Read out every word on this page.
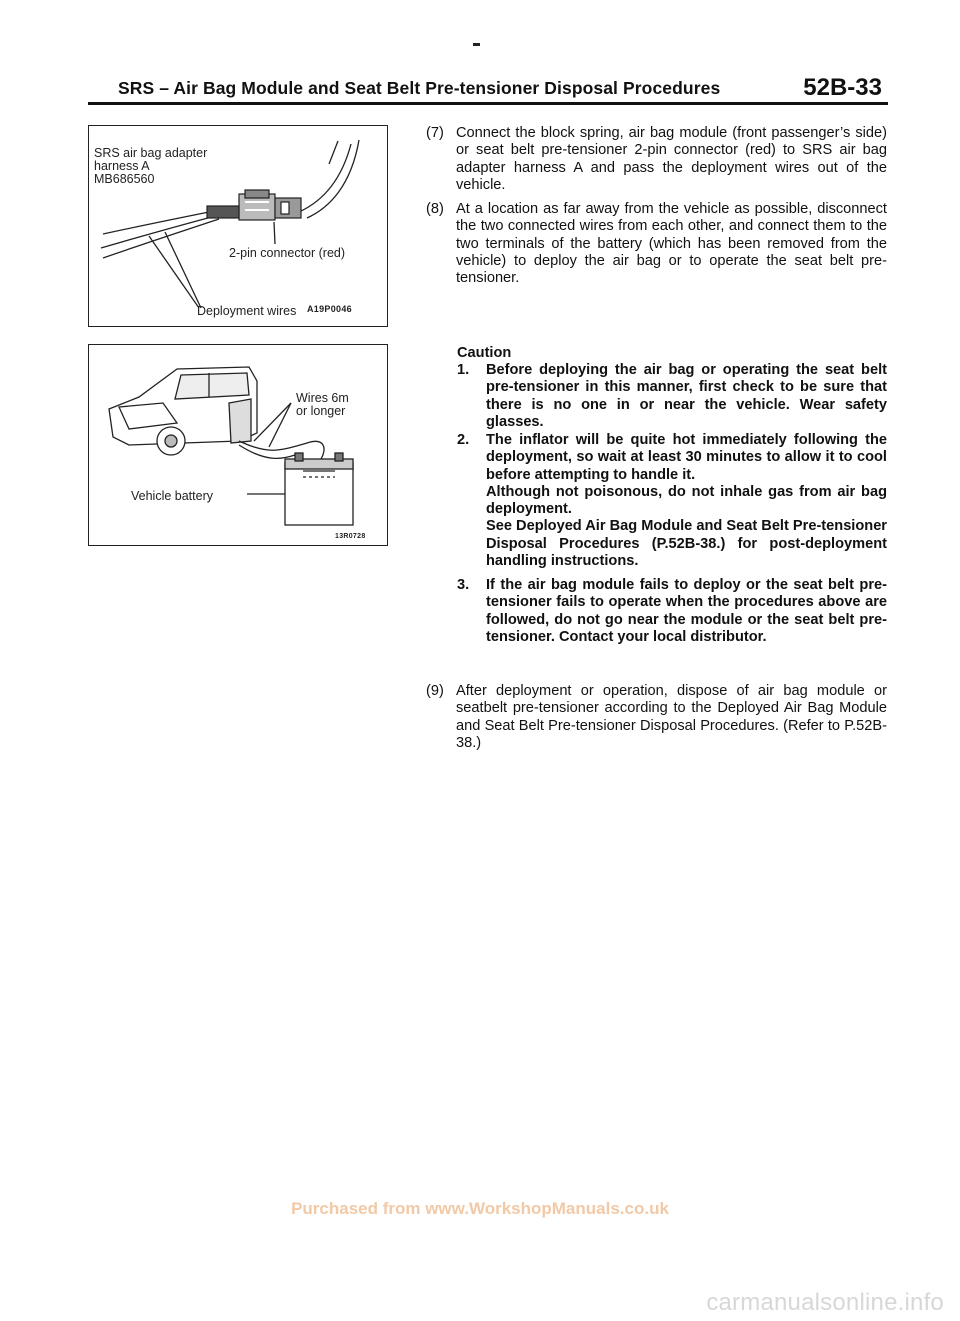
SRS – Air Bag Module and Seat Belt Pre-tensioner Disposal Procedures	52B-33
SRS air bag adapter
harness A
MB686560
2-pin connector (red)
Deployment wires A19P0046
Wires 6m
or longer
Vehicle battery
13R0728
(7) Connect the block spring, air bag module (front passenger’s side) or seat belt pre-tensioner 2-pin connector (red) to SRS air bag adapter harness A and pass the deployment wires out of the vehicle.
(8) At a location as far away from the vehicle as possible, disconnect the two connected wires from each other, and connect them to the two terminals of the battery (which has been removed from the vehicle) to deploy the air bag or to operate the seat belt pre-tensioner.
Caution
1. Before deploying the air bag or operating the seat belt pre-tensioner in this manner, first check to be sure that there is no one in or near the vehicle. Wear safety glasses.
2. The inflator will be quite hot immediately following the deployment, so wait at least 30 minutes to allow it to cool before attempting to handle it.
Although not poisonous, do not inhale gas from air bag deployment.
See Deployed Air Bag Module and Seat Belt Pre-tensioner Disposal Procedures (P.52B-38.) for post-deployment handling instructions.
3. If the air bag module fails to deploy or the seat belt pre-tensioner fails to operate when the procedures above are followed, do not go near the module or the seat belt pre-tensioner. Contact your local distributor.
(9) After deployment or operation, dispose of air bag module or seatbelt pre-tensioner according to the Deployed Air Bag Module and Seat Belt Pre-tensioner Disposal Procedures. (Refer to P.52B-38.)
Purchased from www.WorkshopManuals.co.uk
carmanualsonline.info
